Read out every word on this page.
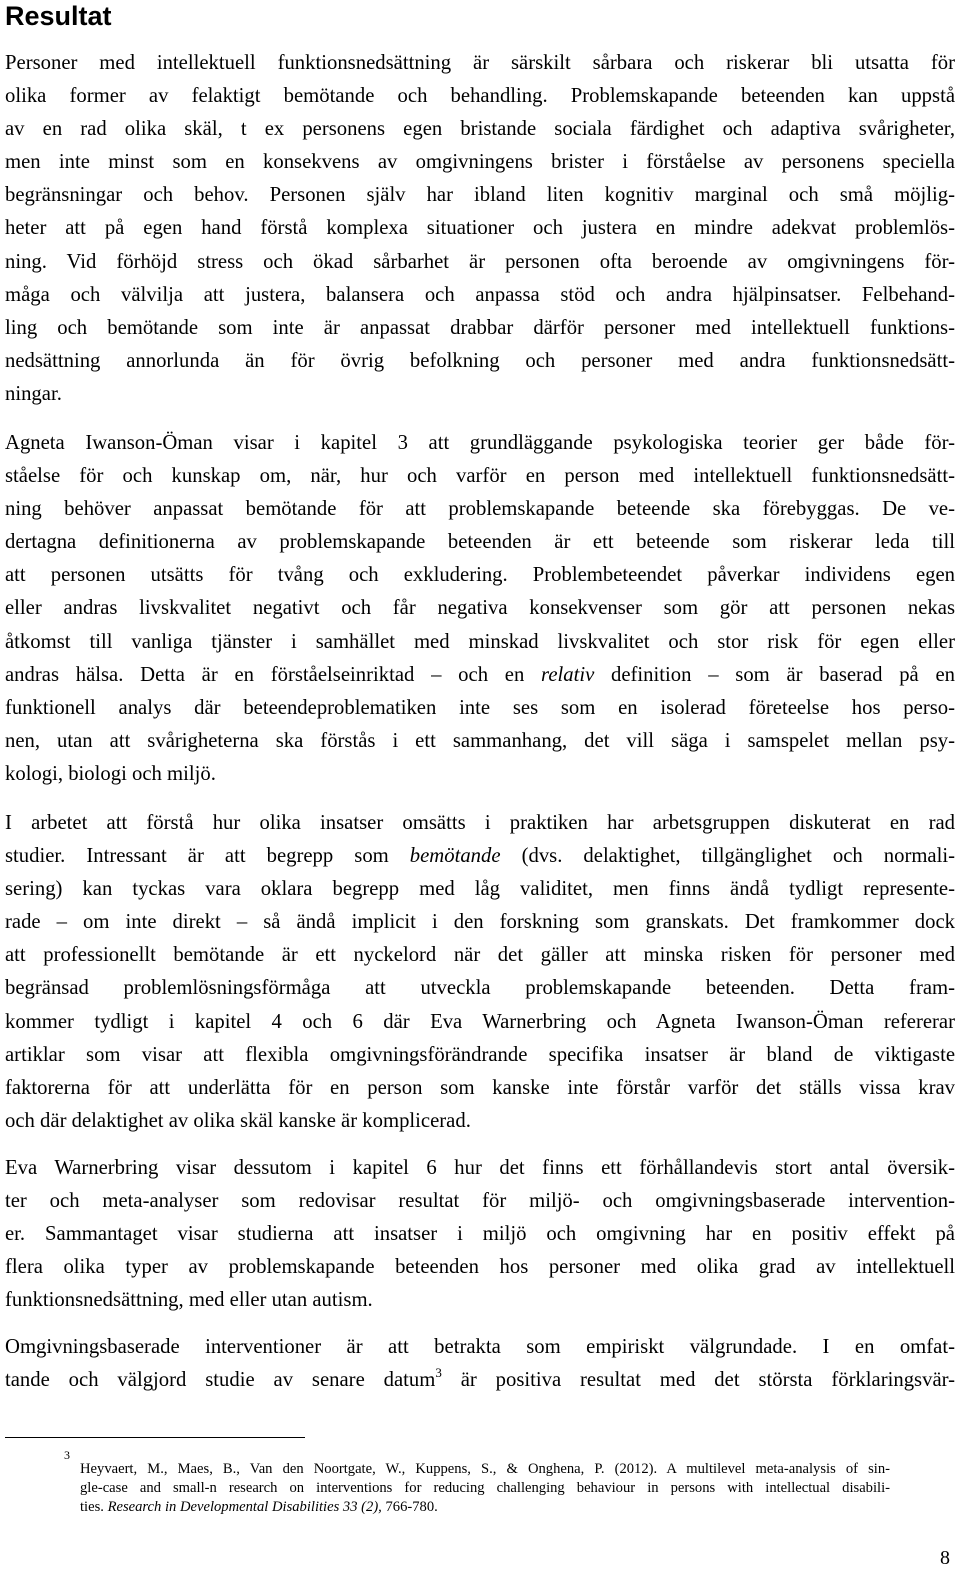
Resultat
Personer med intellektuell funktionsnedsättning är särskilt sårbara och riskerar bli utsatta för
olika former av felaktigt bemötande och behandling. Problemskapande beteenden kan uppstå
av en rad olika skäl, t ex personens egen bristande sociala färdighet och adaptiva svårigheter,
men inte minst som en konsekvens av omgivningens brister i förståelse av personens speciella
begränsningar och behov. Personen själv har ibland liten kognitiv marginal och små möjlig-
heter att på egen hand förstå komplexa situationer och justera en mindre adekvat problemlös-
ning. Vid förhöjd stress och ökad sårbarhet är personen ofta beroende av omgivningens för-
måga och välvilja att justera, balansera och anpassa stöd och andra hjälpinsatser. Felbehand-
ling och bemötande som inte är anpassat drabbar därför personer med intellektuell funktions-
nedsättning annorlunda än för övrig befolkning och personer med andra funktionsnedsätt-
ningar.
Agneta Iwanson-Öman visar i kapitel 3 att grundläggande psykologiska teorier ger både för-
ståelse för och kunskap om, när, hur och varför en person med intellektuell funktionsnedsätt-
ning behöver anpassat bemötande för att problemskapande beteende ska förebyggas. De ve-
dertagna definitionerna av problemskapande beteenden är ett beteende som riskerar leda till
att personen utsätts för tvång och exkludering. Problembeteendet påverkar individens egen
eller andras livskvalitet negativt och får negativa konsekvenser som gör att personen nekas
åtkomst till vanliga tjänster i samhället med minskad livskvalitet och stor risk för egen eller
andras hälsa. Detta är en förståelseinriktad – och en relativ definition – som är baserad på en
funktionell analys där beteendeproblematiken inte ses som en isolerad företeelse hos perso-
nen, utan att svårigheterna ska förstås i ett sammanhang, det vill säga i samspelet mellan psy-
kologi, biologi och miljö.
I arbetet att förstå hur olika insatser omsätts i praktiken har arbetsgruppen diskuterat en rad
studier. Intressant är att begrepp som bemötande (dvs. delaktighet, tillgänglighet och normali-
sering) kan tyckas vara oklara begrepp med låg validitet, men finns ändå tydligt represente-
rade – om inte direkt – så ändå implicit i den forskning som granskats. Det framkommer dock
att professionellt bemötande är ett nyckelord när det gäller att minska risken för personer med
begränsad problemlösningsförmåga att utveckla problemskapande beteenden. Detta fram-
kommer tydligt i kapitel 4 och 6 där Eva Warnerbring och Agneta Iwanson-Öman refererar
artiklar som visar att flexibla omgivningsförändrande specifika insatser är bland de viktigaste
faktorerna för att underlätta för en person som kanske inte förstår varför det ställs vissa krav
och där delaktighet av olika skäl kanske är komplicerad.
Eva Warnerbring visar dessutom i kapitel 6 hur det finns ett förhållandevis stort antal översik-
ter och meta-analyser som redovisar resultat för miljö- och omgivningsbaserade intervention-
er. Sammantaget visar studierna att insatser i miljö och omgivning har en positiv effekt på
flera olika typer av problemskapande beteenden hos personer med olika grad av intellektuell
funktionsnedsättning, med eller utan autism.
Omgivningsbaserade interventioner är att betrakta som empiriskt välgrundade. I en omfat-
tande och välgjord studie av senare datum$^3$ är positiva resultat med det största förklaringsvär-
3
Heyvaert, M., Maes, B., Van den Noortgate, W., Kuppens, S., & Onghena, P. (2012). A multilevel meta-analysis of sin-
gle-case and small-n research on interventions for reducing challenging behaviour in persons with intellectual disabili-
ties. Research in Developmental Disabilities 33 (2), 766-780.
8
